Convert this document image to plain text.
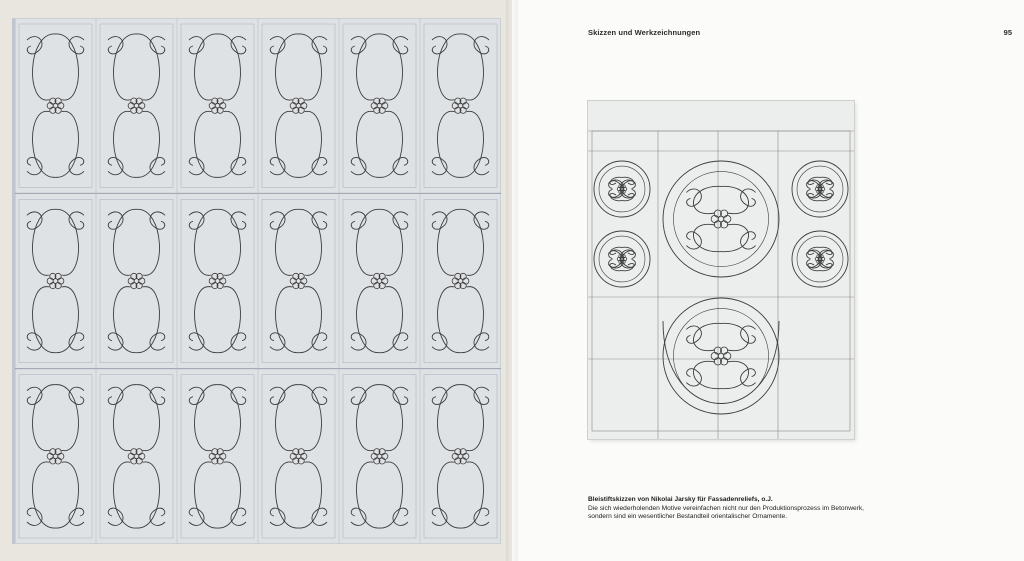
Skizzen und Werkzeichnungen	95
Bleistiftskizzen von Nikolai Jarsky für Fassadenreliefs, o.J.
Die sich wiederholenden Motive vereinfachen nicht nur den Produktionsprozess im Betonwerk, sondern sind ein wesentlicher Bestandteil orientalischer Ornamente.
